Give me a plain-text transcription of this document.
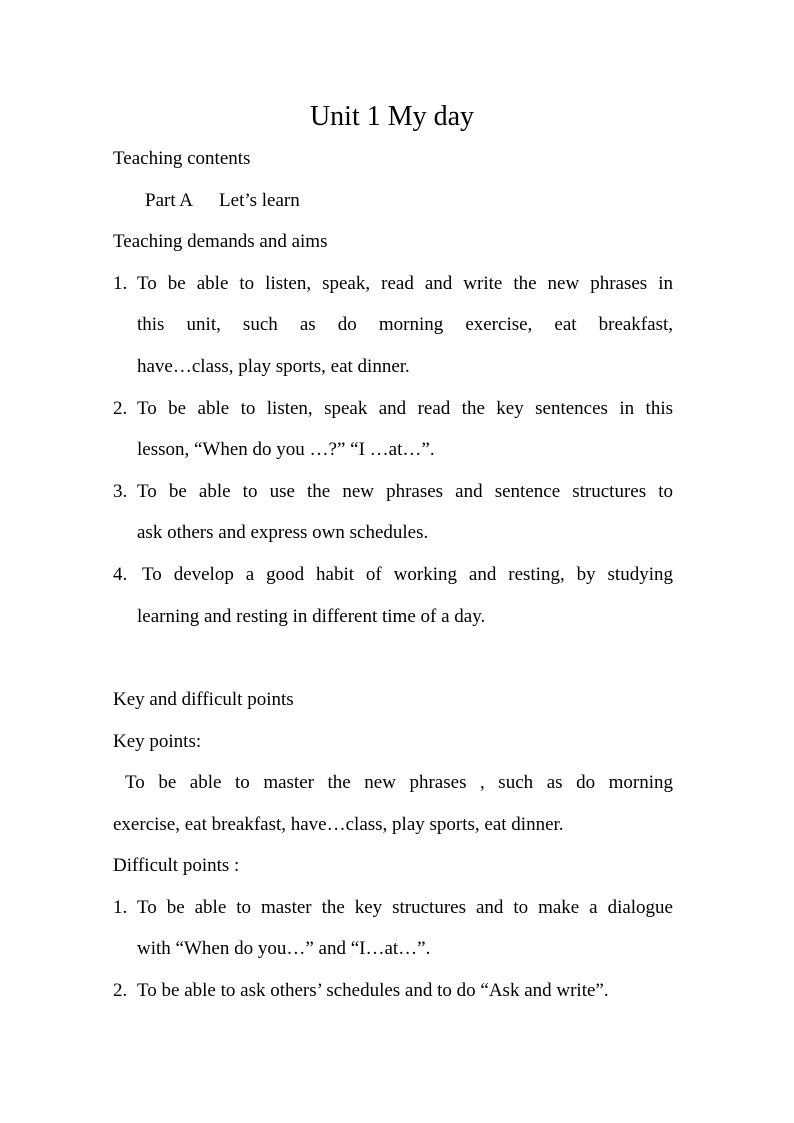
Unit 1 My day
Teaching contents
Part A Let’s learn
Teaching demands and aims
1. To be able to listen, speak, read and write the new phrases in
this unit, such as do morning exercise, eat breakfast,
have…class, play sports, eat dinner.
2. To be able to listen, speak and read the key sentences in this
lesson, “When do you …?” “I …at…”.
3. To be able to use the new phrases and sentence structures to
ask others and express own schedules.
4. To develop a good habit of working and resting, by studying
learning and resting in different time of a day.
Key and difficult points
Key points:
To be able to master the new phrases , such as do morning
exercise, eat breakfast, have…class, play sports, eat dinner.
Difficult points :
1. To be able to master the key structures and to make a dialogue
with “When do you…” and “I…at…”.
2. To be able to ask others’ schedules and to do “Ask and write”.
